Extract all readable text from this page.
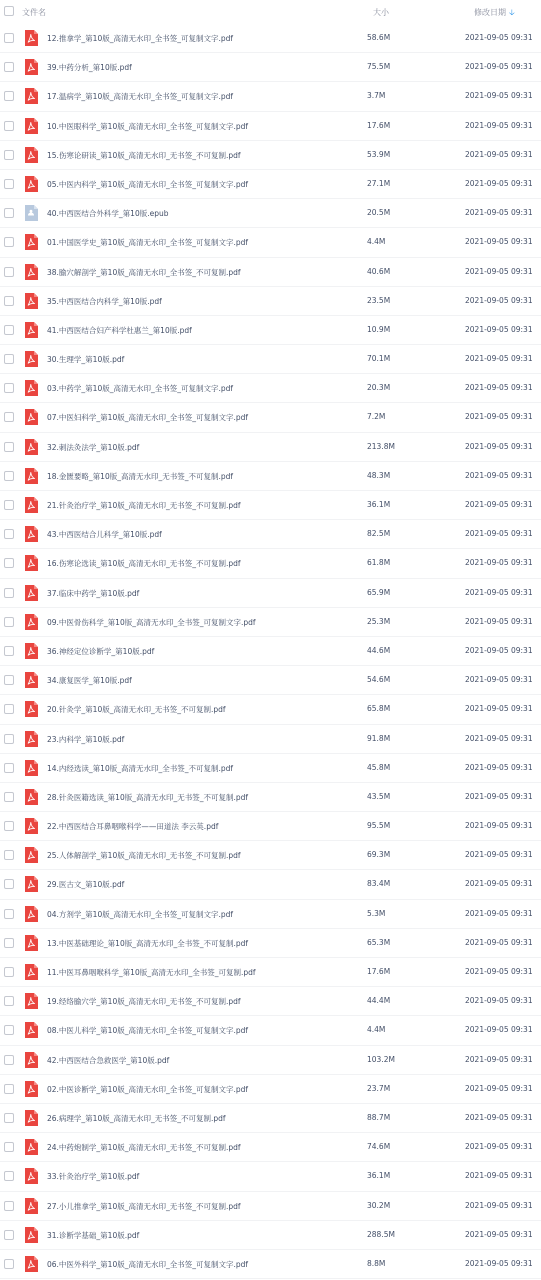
文件名	大小	修改日期 🡣
12.推拿学_第10版_高清无水印_全书签_可复制文字.pdf	58.6M	2021-09-05 09:31
39.中药分析_第10版.pdf	75.5M	2021-09-05 09:31
17.温病学_第10版_高清无水印_全书签_可复制文字.pdf	3.7M	2021-09-05 09:31
10.中医眼科学_第10版_高清无水印_全书签_可复制文字.pdf	17.6M	2021-09-05 09:31
15.伤寒论研读_第10版_高清无水印_无书签_不可复制.pdf	53.9M	2021-09-05 09:31
05.中医内科学_第10版_高清无水印_全书签_可复制文字.pdf	27.1M	2021-09-05 09:31
40.中西医结合外科学_第10版.epub	20.5M	2021-09-05 09:31
01.中国医学史_第10版_高清无水印_全书签_可复制文字.pdf	4.4M	2021-09-05 09:31
38.腧穴解剖学_第10版_高清无水印_全书签_不可复制.pdf	40.6M	2021-09-05 09:31
35.中西医结合内科学_第10版.pdf	23.5M	2021-09-05 09:31
41.中西医结合妇产科学杜惠兰_第10版.pdf	10.9M	2021-09-05 09:31
30.生理学_第10版.pdf	70.1M	2021-09-05 09:31
03.中药学_第10版_高清无水印_全书签_可复制文字.pdf	20.3M	2021-09-05 09:31
07.中医妇科学_第10版_高清无水印_全书签_可复制文字.pdf	7.2M	2021-09-05 09:31
32.刺法灸法学_第10版.pdf	213.8M	2021-09-05 09:31
18.金匮要略_第10版_高清无水印_无书签_不可复制.pdf	48.3M	2021-09-05 09:31
21.针灸治疗学_第10版_高清无水印_无书签_不可复制.pdf	36.1M	2021-09-05 09:31
43.中西医结合儿科学_第10版.pdf	82.5M	2021-09-05 09:31
16.伤寒论选读_第10版_高清无水印_无书签_不可复制.pdf	61.8M	2021-09-05 09:31
37.临床中药学_第10版.pdf	65.9M	2021-09-05 09:31
09.中医骨伤科学_第10版_高清无水印_全书签_可复制文字.pdf	25.3M	2021-09-05 09:31
36.神经定位诊断学_第10版.pdf	44.6M	2021-09-05 09:31
34.康复医学_第10版.pdf	54.6M	2021-09-05 09:31
20.针灸学_第10版_高清无水印_无书签_不可复制.pdf	65.8M	2021-09-05 09:31
23.内科学_第10版.pdf	91.8M	2021-09-05 09:31
14.内经选读_第10版_高清无水印_全书签_不可复制.pdf	45.8M	2021-09-05 09:31
28.针灸医籍选读_第10版_高清无水印_无书签_不可复制.pdf	43.5M	2021-09-05 09:31
22.中西医结合耳鼻咽喉科学——田道法 李云英.pdf	95.5M	2021-09-05 09:31
25.人体解剖学_第10版_高清无水印_无书签_不可复制.pdf	69.3M	2021-09-05 09:31
29.医古文_第10版.pdf	83.4M	2021-09-05 09:31
04.方剂学_第10版_高清无水印_全书签_可复制文字.pdf	5.3M	2021-09-05 09:31
13.中医基础理论_第10版_高清无水印_全书签_不可复制.pdf	65.3M	2021-09-05 09:31
11.中医耳鼻咽喉科学_第10版_高清无水印_全书签_可复制.pdf	17.6M	2021-09-05 09:31
19.经络腧穴学_第10版_高清无水印_无书签_不可复制.pdf	44.4M	2021-09-05 09:31
08.中医儿科学_第10版_高清无水印_全书签_可复制文字.pdf	4.4M	2021-09-05 09:31
42.中西医结合急救医学_第10版.pdf	103.2M	2021-09-05 09:31
02.中医诊断学_第10版_高清无水印_全书签_可复制文字.pdf	23.7M	2021-09-05 09:31
26.病理学_第10版_高清无水印_无书签_不可复制.pdf	88.7M	2021-09-05 09:31
24.中药炮制学_第10版_高清无水印_无书签_不可复制.pdf	74.6M	2021-09-05 09:31
33.针灸治疗学_第10版.pdf	36.1M	2021-09-05 09:31
27.小儿推拿学_第10版_高清无水印_无书签_不可复制.pdf	30.2M	2021-09-05 09:31
31.诊断学基础_第10版.pdf	288.5M	2021-09-05 09:31
06.中医外科学_第10版_高清无水印_全书签_可复制文字.pdf	8.8M	2021-09-05 09:31
